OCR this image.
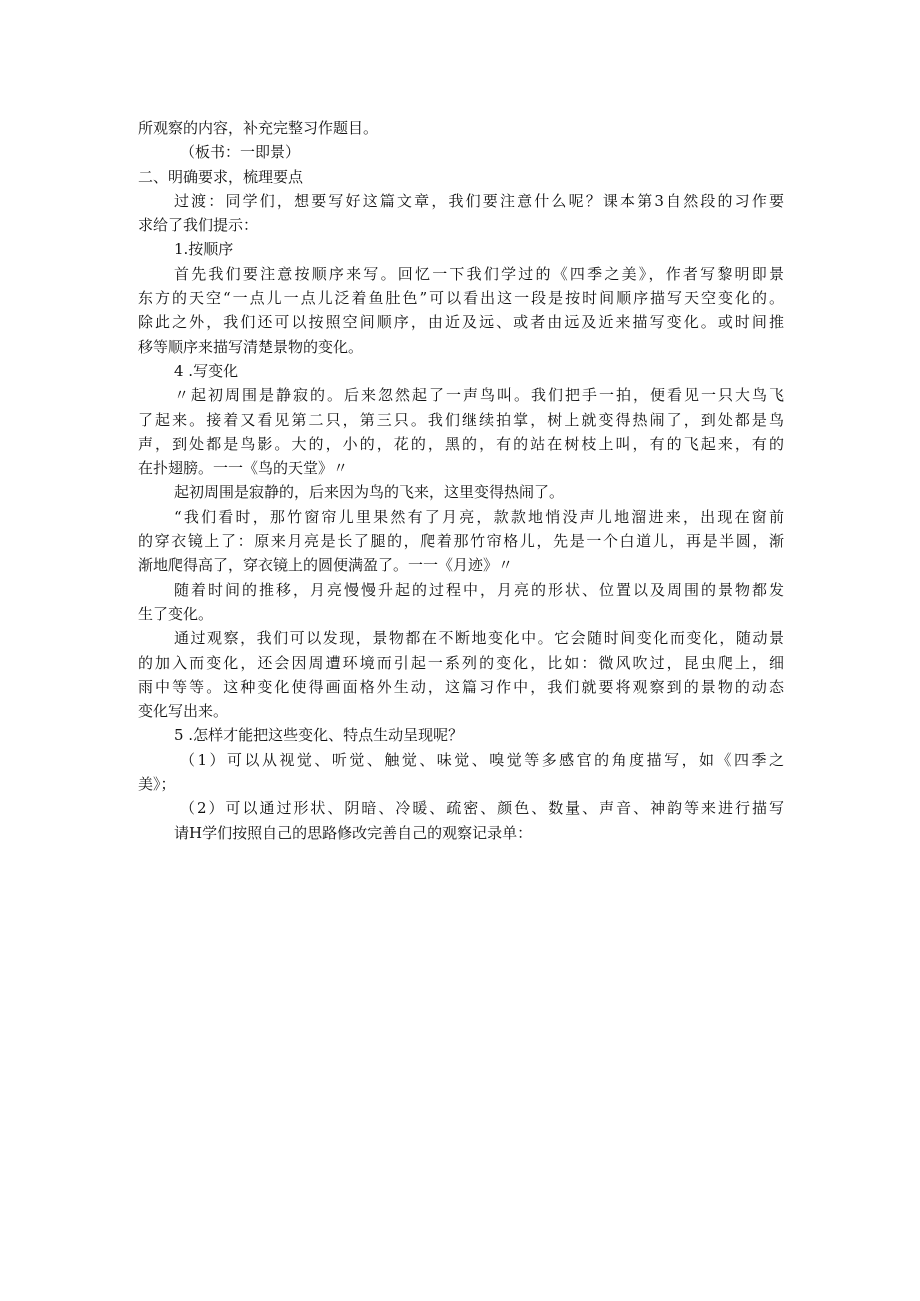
所观察的内容，补充完整习作题目。
（板书：一即景）
二、明确要求，梳理要点
过渡：同学们，想要写好这篇文章，我们要注意什么呢？课本第3自然段的习作要
求给了我们提示：
1.按顺序
首先我们要注意按顺序来写。回忆一下我们学过的《四季之美》，作者写黎明即景
东方的天空“一点儿一点儿泛着鱼肚色”可以看出这一段是按时间顺序描写天空变化的。
除此之外，我们还可以按照空间顺序，由近及远、或者由远及近来描写变化。或时间推
移等顺序来描写清楚景物的变化。
4 .写变化
〃起初周围是静寂的。后来忽然起了一声鸟叫。我们把手一拍，便看见一只大鸟飞
了起来。接着又看见第二只，第三只。我们继续拍掌，树上就变得热闹了，到处都是鸟
声，到处都是鸟影。大的，小的，花的，黑的，有的站在树枝上叫，有的飞起来，有的
在扑翅膀。一一《鸟的天堂》〃
起初周围是寂静的，后来因为鸟的飞来，这里变得热闹了。
“我们看时，那竹窗帘儿里果然有了月亮，款款地悄没声儿地溜进来，出现在窗前
的穿衣镜上了：原来月亮是长了腿的，爬着那竹帘格儿，先是一个白道儿，再是半圆，渐
渐地爬得高了，穿衣镜上的圆便满盈了。一一《月迹》〃
随着时间的推移，月亮慢慢升起的过程中，月亮的形状、位置以及周围的景物都发
生了变化。
通过观察，我们可以发现，景物都在不断地变化中。它会随时间变化而变化，随动景
的加入而变化，还会因周遭环境而引起一系列的变化，比如：微风吹过，昆虫爬上，细
雨中等等。这种变化使得画面格外生动，这篇习作中，我们就要将观察到的景物的动态
变化写出来。
5 .怎样才能把这些变化、特点生动呈现呢？
（1）可以从视觉、听觉、触觉、味觉、嗅觉等多感官的角度描写，如《四季之
美》；
（2）可以通过形状、阴暗、冷暖、疏密、颜色、数量、声音、神韵等来进行描写
请H学们按照自己的思路修改完善自己的观察记录单：
